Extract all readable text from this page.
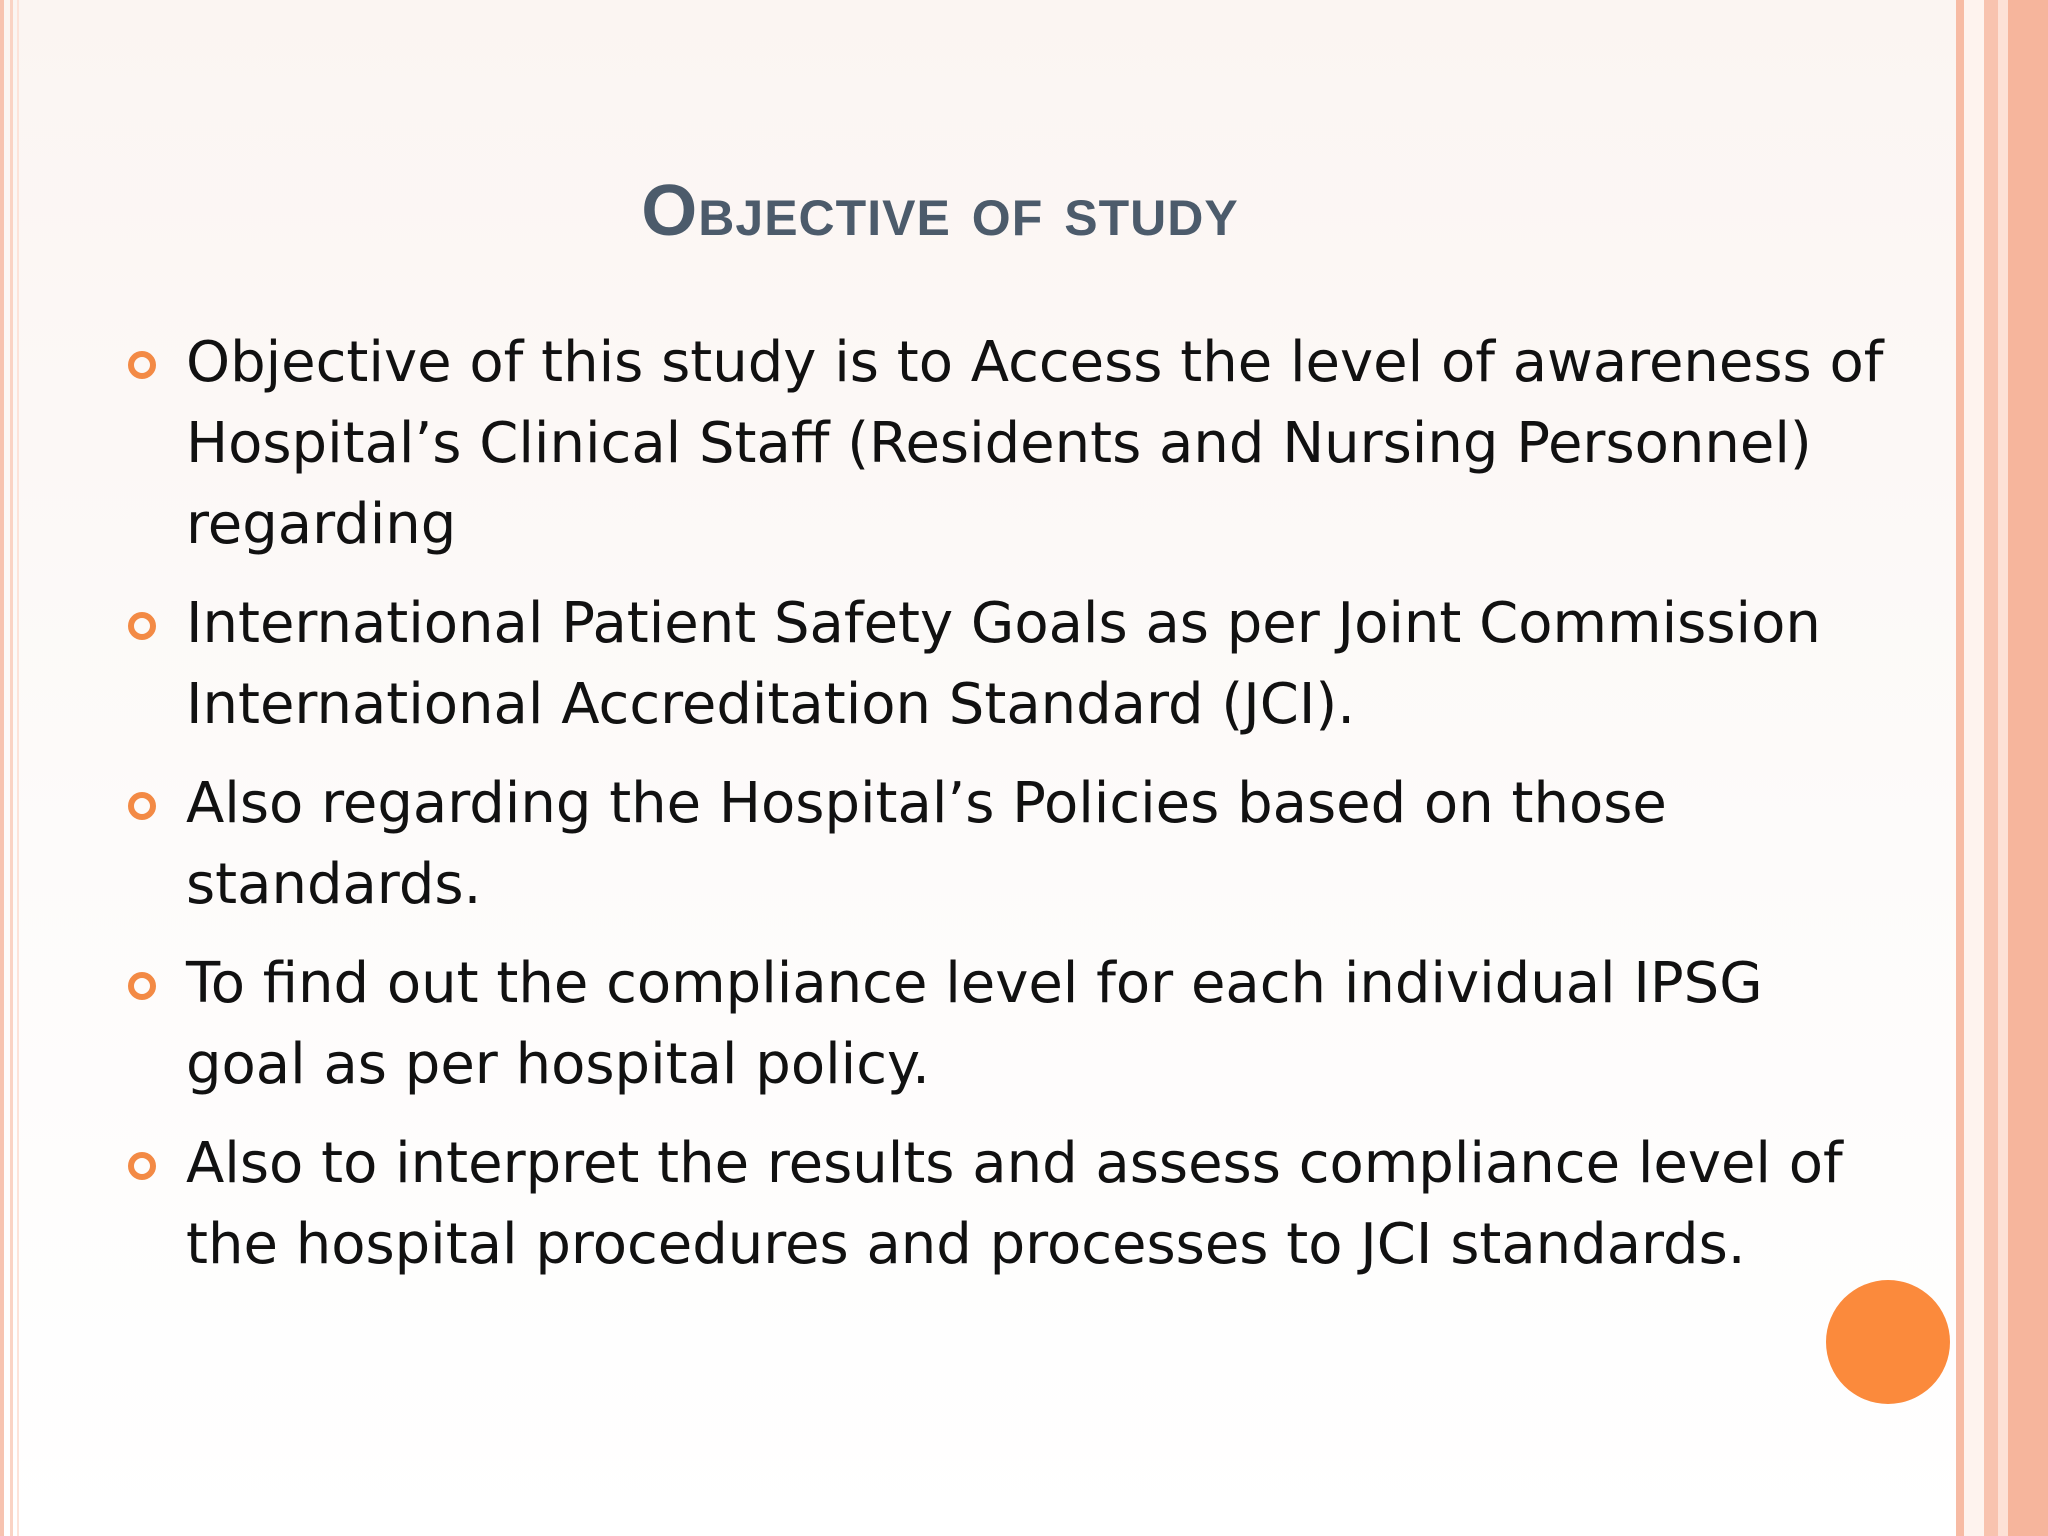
Objective of study
Objective of this study is to Access the level of awareness of Hospital’s Clinical Staff (Residents and Nursing Personnel) regarding
International Patient Safety Goals as per Joint Commission International Accreditation Standard (JCI).
Also regarding the Hospital’s Policies based on those standards.
To find out the compliance level for each individual IPSG goal as per hospital policy.
Also to interpret the results and assess compliance level of the hospital procedures and processes to JCI standards.
